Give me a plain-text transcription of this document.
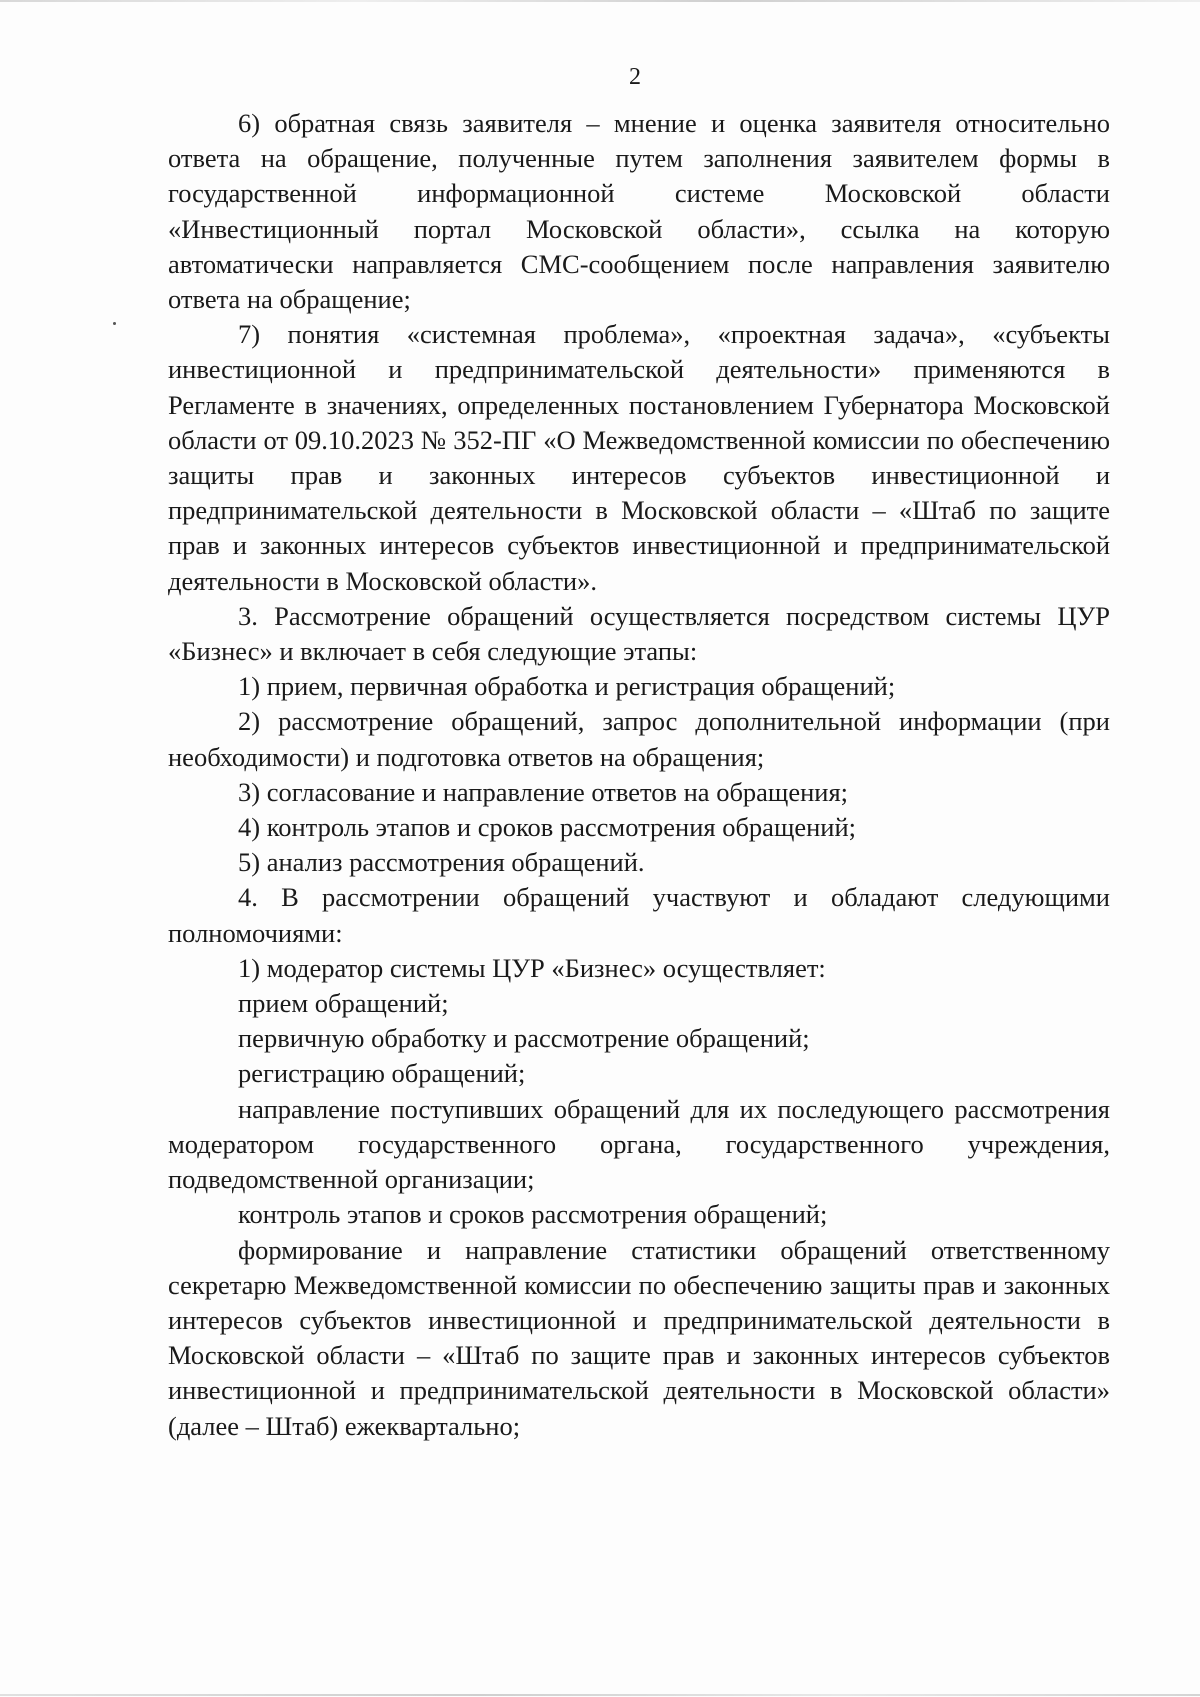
2

6) обратная связь заявителя – мнение и оценка заявителя относительно ответа на обращение, полученные путем заполнения заявителем формы в государственной информационной системе Московской области «Инвестиционный портал Московской области», ссылка на которую автоматически направляется СМС-сообщением после направления заявителю ответа на обращение;

7) понятия «системная проблема», «проектная задача», «субъекты инвестиционной и предпринимательской деятельности» применяются в Регламенте в значениях, определенных постановлением Губернатора Московской области от 09.10.2023 № 352-ПГ «О Межведомственной комиссии по обеспечению защиты прав и законных интересов субъектов инвестиционной и предпринимательской деятельности в Московской области – «Штаб по защите прав и законных интересов субъектов инвестиционной и предпринимательской деятельности в Московской области».

3. Рассмотрение обращений осуществляется посредством системы ЦУР «Бизнес» и включает в себя следующие этапы:

1) прием, первичная обработка и регистрация обращений;

2) рассмотрение обращений, запрос дополнительной информации (при необходимости) и подготовка ответов на обращения;

3) согласование и направление ответов на обращения;

4) контроль этапов и сроков рассмотрения обращений;

5) анализ рассмотрения обращений.

4. В рассмотрении обращений участвуют и обладают следующими полномочиями:

1) модератор системы ЦУР «Бизнес» осуществляет:

прием обращений;

первичную обработку и рассмотрение обращений;

регистрацию обращений;

направление поступивших обращений для их последующего рассмотрения модератором государственного органа, государственного учреждения, подведомственной организации;

контроль этапов и сроков рассмотрения обращений;

формирование и направление статистики обращений ответственному секретарю Межведомственной комиссии по обеспечению защиты прав и законных интересов субъектов инвестиционной и предпринимательской деятельности в Московской области – «Штаб по защите прав и законных интересов субъектов инвестиционной и предпринимательской деятельности в Московской области» (далее – Штаб) ежеквартально;
